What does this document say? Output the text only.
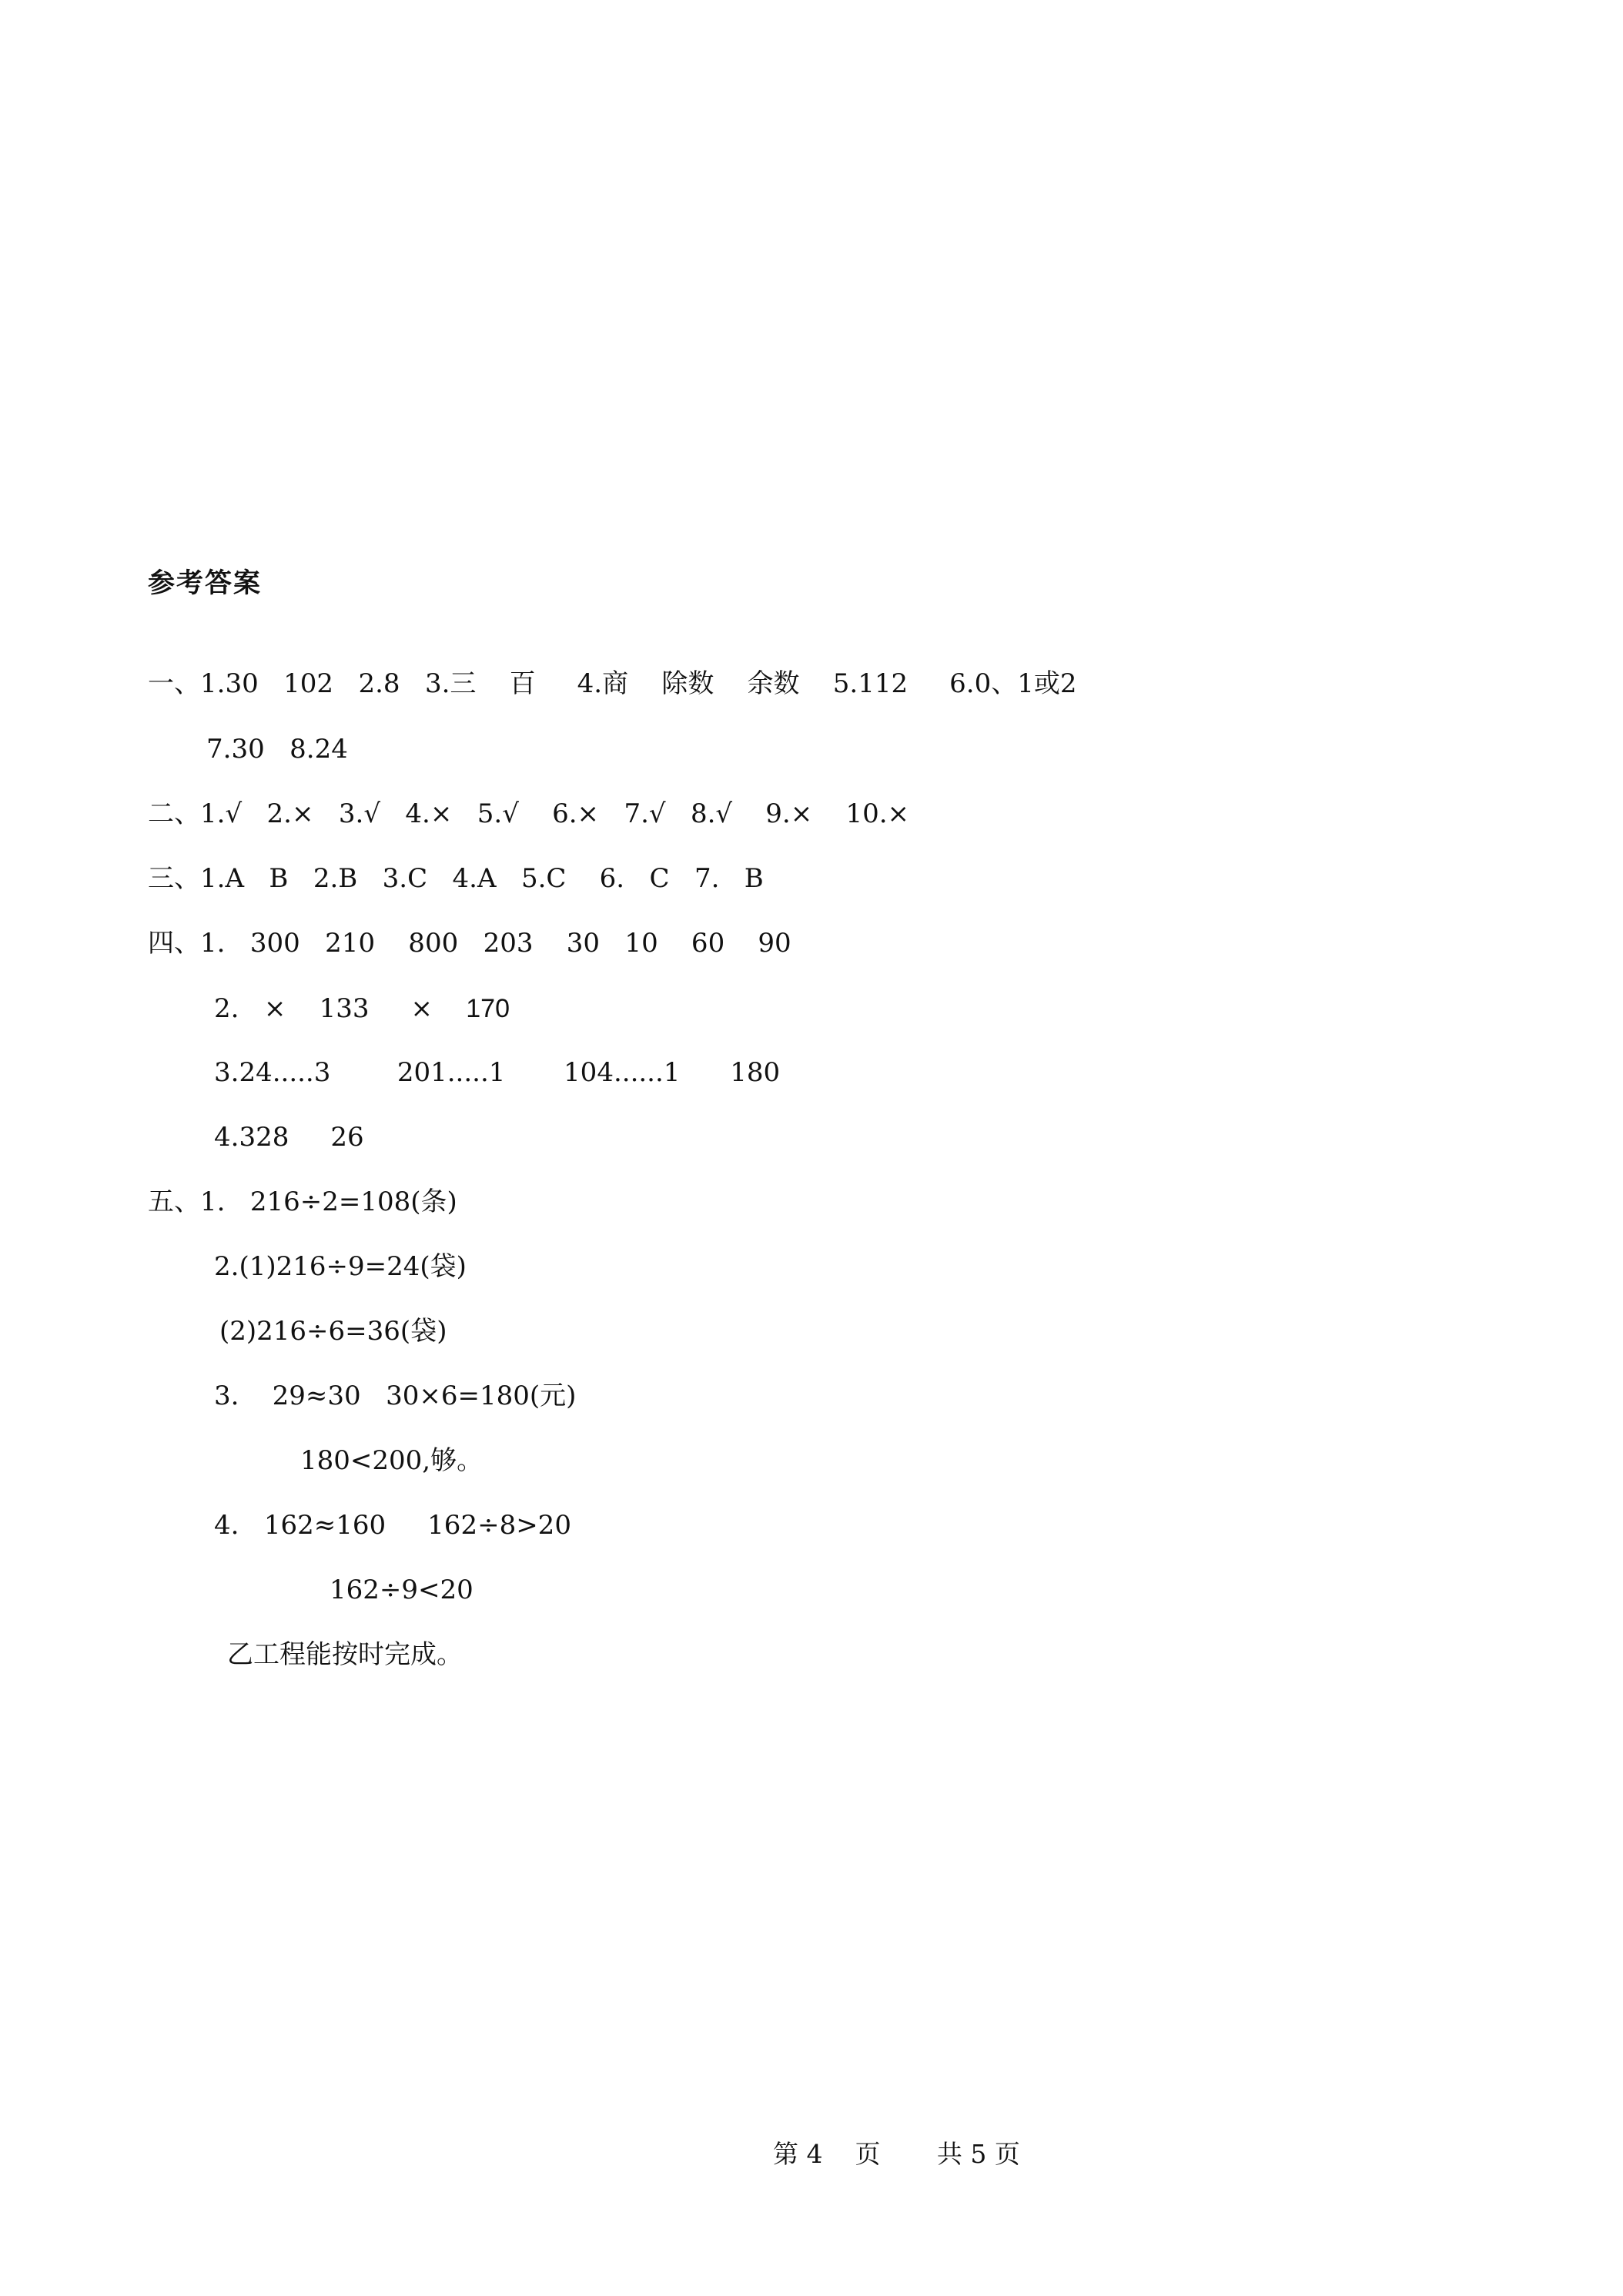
参考答案
一、1.30   102   2.8   3.三    百     4.商    除数    余数    5.112     6.0、1或2
7.30   8.24
二、1.√   2.×   3.√   4.×   5.√    6.×   7.√   8.√    9.×    10.×
三、1.A   B   2.B   3.C   4.A   5.C    6.   C   7.   B
四、1.   300   210    800   203    30   10    60    90
2.   ×    133     × 170
3.24.....3        201.....1       104......1      180
4.328     26
五、1.   216÷2=108(条)
2.(1)216÷9=24(袋)
(2)216÷6=36(袋)
3.    29≈30   30×6=180(元)
180<200,够。
4.   162≈160     162÷8>20
162÷9<20
乙工程能按时完成。
第 4    页       共 5 页
